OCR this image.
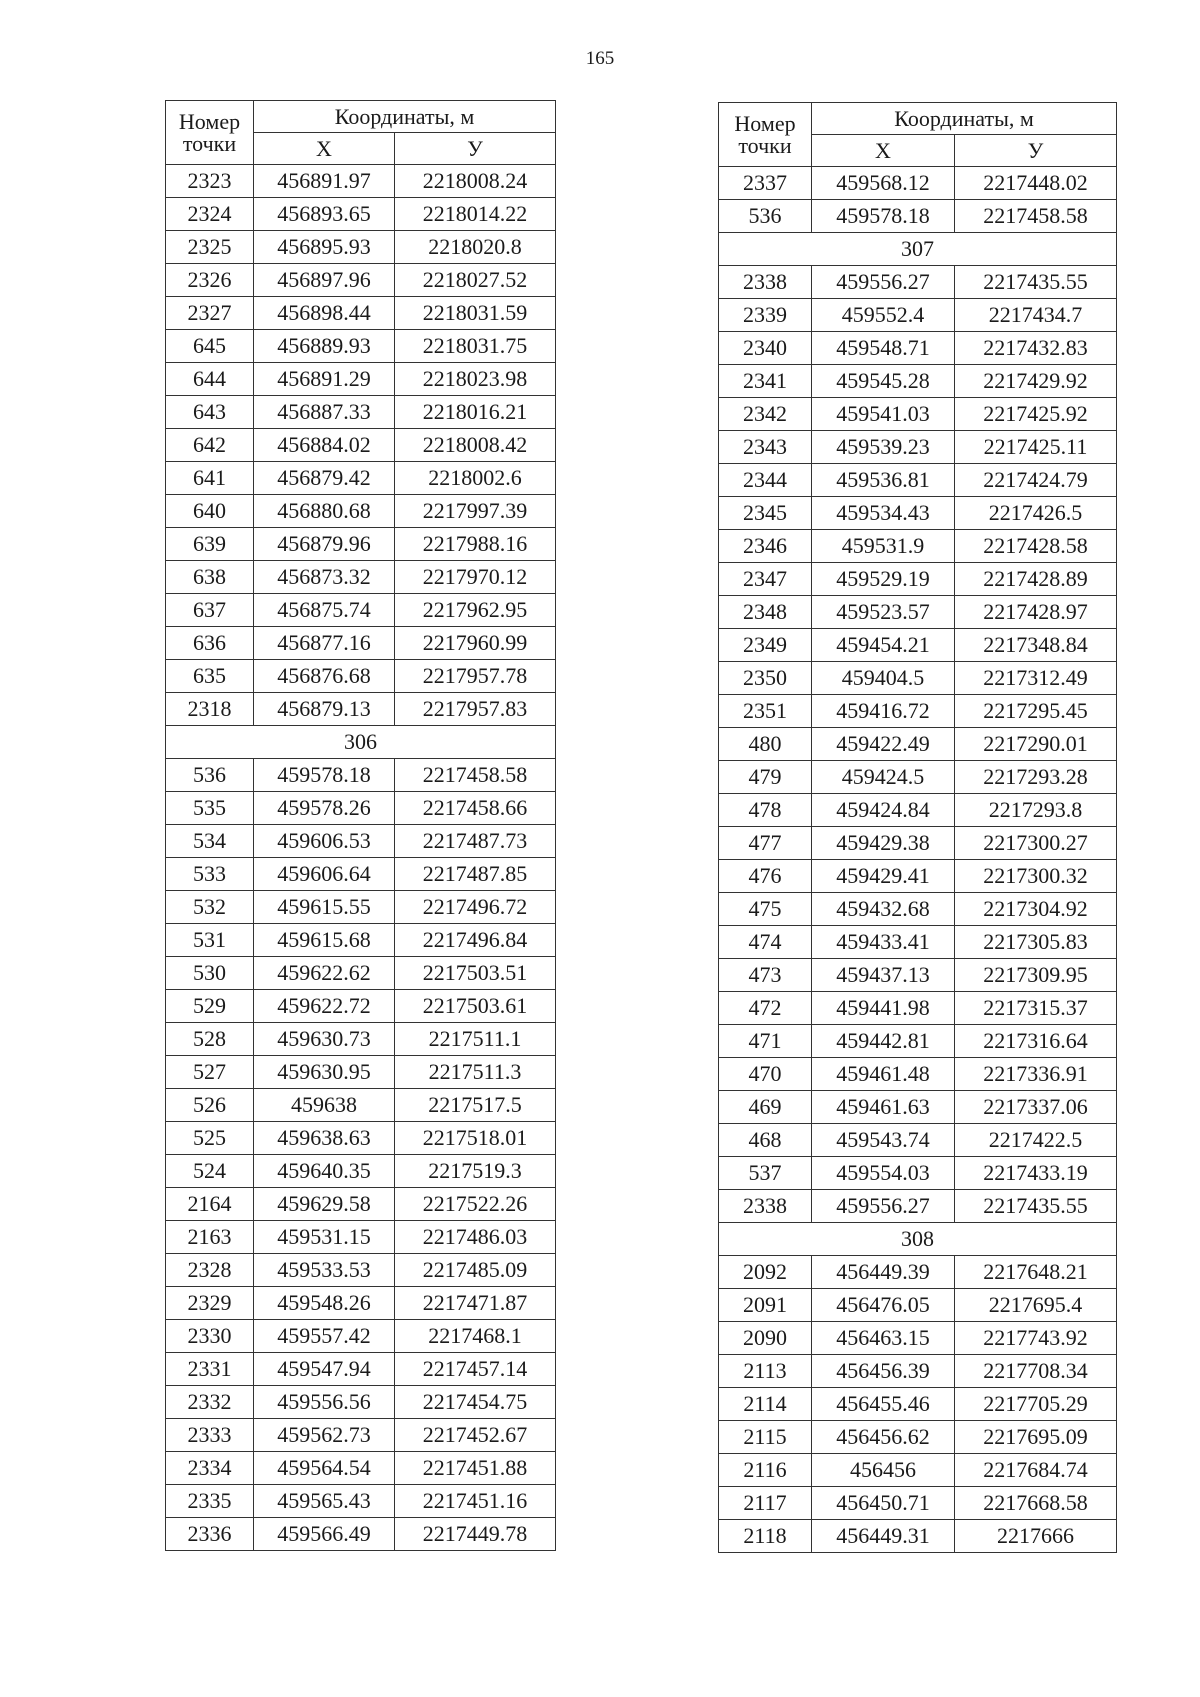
165
Номер
точки	Координаты, м	
	X	У
2323	456891.97	2218008.24
2324	456893.65	2218014.22
2325	456895.93	2218020.8
2326	456897.96	2218027.52
2327	456898.44	2218031.59
645	456889.93	2218031.75
644	456891.29	2218023.98
643	456887.33	2218016.21
642	456884.02	2218008.42
641	456879.42	2218002.6
640	456880.68	2217997.39
639	456879.96	2217988.16
638	456873.32	2217970.12
637	456875.74	2217962.95
636	456877.16	2217960.99
635	456876.68	2217957.78
2318	456879.13	2217957.83
306		
536	459578.18	2217458.58
535	459578.26	2217458.66
534	459606.53	2217487.73
533	459606.64	2217487.85
532	459615.55	2217496.72
531	459615.68	2217496.84
530	459622.62	2217503.51
529	459622.72	2217503.61
528	459630.73	2217511.1
527	459630.95	2217511.3
526	459638	2217517.5
525	459638.63	2217518.01
524	459640.35	2217519.3
2164	459629.58	2217522.26
2163	459531.15	2217486.03
2328	459533.53	2217485.09
2329	459548.26	2217471.87
2330	459557.42	2217468.1
2331	459547.94	2217457.14
2332	459556.56	2217454.75
2333	459562.73	2217452.67
2334	459564.54	2217451.88
2335	459565.43	2217451.16
2336	459566.49	2217449.78
Номер
точки	Координаты, м	
	X	У
2337	459568.12	2217448.02
536	459578.18	2217458.58
307		
2338	459556.27	2217435.55
2339	459552.4	2217434.7
2340	459548.71	2217432.83
2341	459545.28	2217429.92
2342	459541.03	2217425.92
2343	459539.23	2217425.11
2344	459536.81	2217424.79
2345	459534.43	2217426.5
2346	459531.9	2217428.58
2347	459529.19	2217428.89
2348	459523.57	2217428.97
2349	459454.21	2217348.84
2350	459404.5	2217312.49
2351	459416.72	2217295.45
480	459422.49	2217290.01
479	459424.5	2217293.28
478	459424.84	2217293.8
477	459429.38	2217300.27
476	459429.41	2217300.32
475	459432.68	2217304.92
474	459433.41	2217305.83
473	459437.13	2217309.95
472	459441.98	2217315.37
471	459442.81	2217316.64
470	459461.48	2217336.91
469	459461.63	2217337.06
468	459543.74	2217422.5
537	459554.03	2217433.19
2338	459556.27	2217435.55
308		
2092	456449.39	2217648.21
2091	456476.05	2217695.4
2090	456463.15	2217743.92
2113	456456.39	2217708.34
2114	456455.46	2217705.29
2115	456456.62	2217695.09
2116	456456	2217684.74
2117	456450.71	2217668.58
2118	456449.31	2217666
